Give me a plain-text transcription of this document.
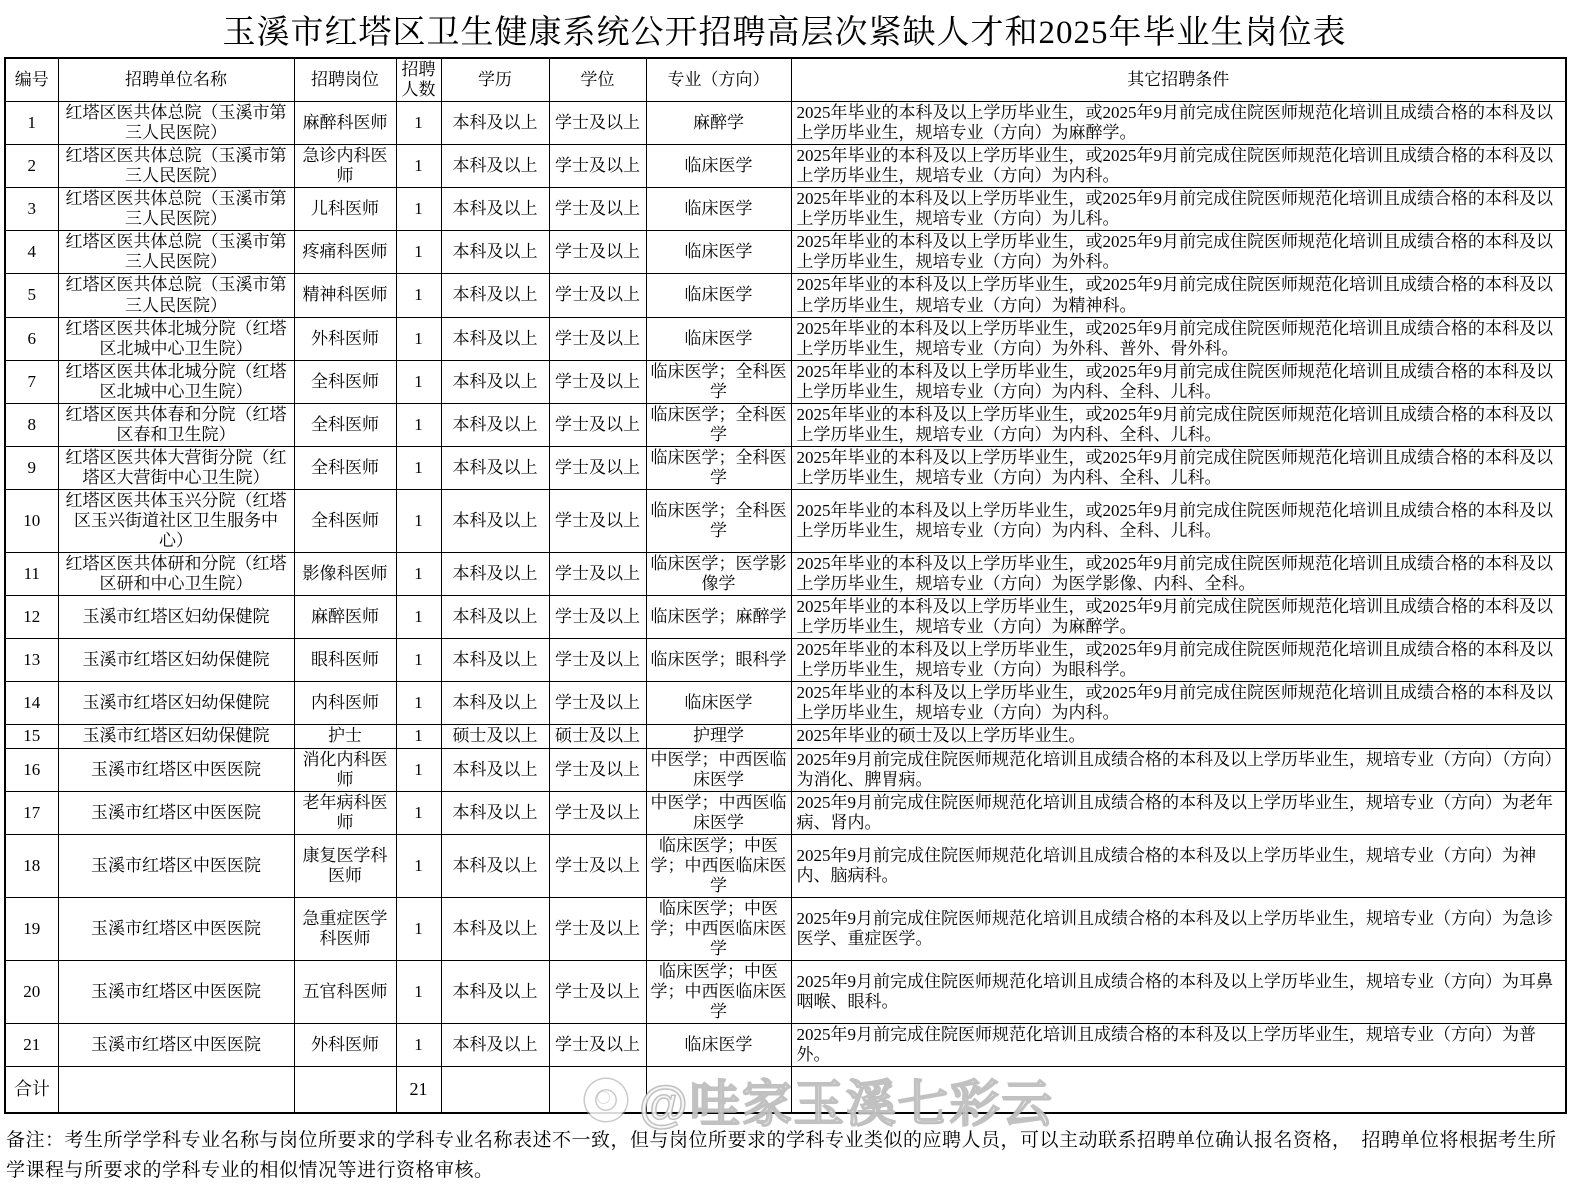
玉溪市红塔区卫生健康系统公开招聘高层次紧缺人才和2025年毕业生岗位表
编号	招聘单位名称	招聘岗位	招聘人数	学历	学位	专业（方向）	其它招聘条件
1	红塔区医共体总院（玉溪市第三人民医院）	麻醉科医师	1	本科及以上	学士及以上	麻醉学	2025年毕业的本科及以上学历毕业生，或2025年9月前完成住院医师规范化培训且成绩合格的本科及以上学历毕业生，规培专业（方向）为麻醉学。
2	红塔区医共体总院（玉溪市第三人民医院）	急诊内科医师	1	本科及以上	学士及以上	临床医学	2025年毕业的本科及以上学历毕业生，或2025年9月前完成住院医师规范化培训且成绩合格的本科及以上学历毕业生，规培专业（方向）为内科。
3	红塔区医共体总院（玉溪市第三人民医院）	儿科医师	1	本科及以上	学士及以上	临床医学	2025年毕业的本科及以上学历毕业生，或2025年9月前完成住院医师规范化培训且成绩合格的本科及以上学历毕业生，规培专业（方向）为儿科。
4	红塔区医共体总院（玉溪市第三人民医院）	疼痛科医师	1	本科及以上	学士及以上	临床医学	2025年毕业的本科及以上学历毕业生，或2025年9月前完成住院医师规范化培训且成绩合格的本科及以上学历毕业生，规培专业（方向）为外科。
5	红塔区医共体总院（玉溪市第三人民医院）	精神科医师	1	本科及以上	学士及以上	临床医学	2025年毕业的本科及以上学历毕业生，或2025年9月前完成住院医师规范化培训且成绩合格的本科及以上学历毕业生，规培专业（方向）为精神科。
6	红塔区医共体北城分院（红塔区北城中心卫生院）	外科医师	1	本科及以上	学士及以上	临床医学	2025年毕业的本科及以上学历毕业生，或2025年9月前完成住院医师规范化培训且成绩合格的本科及以上学历毕业生，规培专业（方向）为外科、普外、骨外科。
7	红塔区医共体北城分院（红塔区北城中心卫生院）	全科医师	1	本科及以上	学士及以上	临床医学；全科医学	2025年毕业的本科及以上学历毕业生，或2025年9月前完成住院医师规范化培训且成绩合格的本科及以上学历毕业生，规培专业（方向）为内科、全科、儿科。
8	红塔区医共体春和分院（红塔区春和卫生院）	全科医师	1	本科及以上	学士及以上	临床医学；全科医学	2025年毕业的本科及以上学历毕业生，或2025年9月前完成住院医师规范化培训且成绩合格的本科及以上学历毕业生，规培专业（方向）为内科、全科、儿科。
9	红塔区医共体大营街分院（红塔区大营街中心卫生院）	全科医师	1	本科及以上	学士及以上	临床医学；全科医学	2025年毕业的本科及以上学历毕业生，或2025年9月前完成住院医师规范化培训且成绩合格的本科及以上学历毕业生，规培专业（方向）为内科、全科、儿科。
10	红塔区医共体玉兴分院（红塔区玉兴街道社区卫生服务中心）	全科医师	1	本科及以上	学士及以上	临床医学；全科医学	2025年毕业的本科及以上学历毕业生，或2025年9月前完成住院医师规范化培训且成绩合格的本科及以上学历毕业生，规培专业（方向）为内科、全科、儿科。
11	红塔区医共体研和分院（红塔区研和中心卫生院）	影像科医师	1	本科及以上	学士及以上	临床医学；医学影像学	2025年毕业的本科及以上学历毕业生，或2025年9月前完成住院医师规范化培训且成绩合格的本科及以上学历毕业生，规培专业（方向）为医学影像、内科、全科。
12	玉溪市红塔区妇幼保健院	麻醉医师	1	本科及以上	学士及以上	临床医学；麻醉学	2025年毕业的本科及以上学历毕业生，或2025年9月前完成住院医师规范化培训且成绩合格的本科及以上学历毕业生，规培专业（方向）为麻醉学。
13	玉溪市红塔区妇幼保健院	眼科医师	1	本科及以上	学士及以上	临床医学；眼科学	2025年毕业的本科及以上学历毕业生，或2025年9月前完成住院医师规范化培训且成绩合格的本科及以上学历毕业生，规培专业（方向）为眼科学。
14	玉溪市红塔区妇幼保健院	内科医师	1	本科及以上	学士及以上	临床医学	2025年毕业的本科及以上学历毕业生，或2025年9月前完成住院医师规范化培训且成绩合格的本科及以上学历毕业生，规培专业（方向）为内科。
15	玉溪市红塔区妇幼保健院	护士	1	硕士及以上	硕士及以上	护理学	2025年毕业的硕士及以上学历毕业生。
16	玉溪市红塔区中医医院	消化内科医师	1	本科及以上	学士及以上	中医学；中西医临床医学	2025年9月前完成住院医师规范化培训且成绩合格的本科及以上学历毕业生，规培专业（方向）（方向）为消化、脾胃病。
17	玉溪市红塔区中医医院	老年病科医师	1	本科及以上	学士及以上	中医学；中西医临床医学	2025年9月前完成住院医师规范化培训且成绩合格的本科及以上学历毕业生，规培专业（方向）为老年病、肾内。
18	玉溪市红塔区中医医院	康复医学科医师	1	本科及以上	学士及以上	临床医学；中医学；中西医临床医学	2025年9月前完成住院医师规范化培训且成绩合格的本科及以上学历毕业生，规培专业（方向）为神内、脑病科。
19	玉溪市红塔区中医医院	急重症医学科医师	1	本科及以上	学士及以上	临床医学；中医学；中西医临床医学	2025年9月前完成住院医师规范化培训且成绩合格的本科及以上学历毕业生，规培专业（方向）为急诊医学、重症医学。
20	玉溪市红塔区中医医院	五官科医师	1	本科及以上	学士及以上	临床医学；中医学；中西医临床医学	2025年9月前完成住院医师规范化培训且成绩合格的本科及以上学历毕业生，规培专业（方向）为耳鼻咽喉、眼科。
21	玉溪市红塔区中医医院	外科医师	1	本科及以上	学士及以上	临床医学	2025年9月前完成住院医师规范化培训且成绩合格的本科及以上学历毕业生，规培专业（方向）为普外。
合计			21				

备注：考生所学学科专业名称与岗位所要求的学科专业名称表述不一致，但与岗位所要求的学科专业类似的应聘人员，可以主动联系招聘单位确认报名资格，　招聘单位将根据考生所学课程与所要求的学科专业的相似情况等进行资格审核。

@哇家玉溪七彩云
